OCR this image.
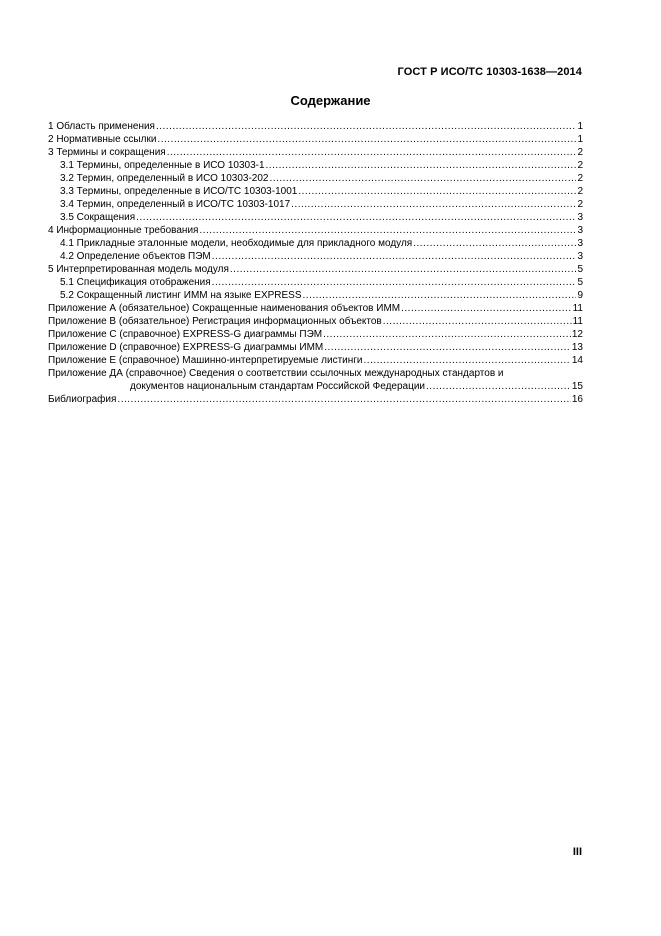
ГОСТ Р ИСО/ТС 10303-1638—2014
Содержание
1 Область применения .....	1
2 Нормативные ссылки .....	1
3 Термины и сокращения .....	2
3.1 Термины, определенные в ИСО 10303-1 .....	2
3.2 Термин, определенный в ИСО 10303-202 .....	2
3.3 Термины, определенные в ИСО/ТС 10303-1001 .....	2
3.4 Термин, определенный в ИСО/ТС 10303-1017 .....	2
3.5 Сокращения .....	3
4 Информационные требования .....	3
4.1 Прикладные эталонные модели, необходимые для прикладного модуля .....	3
4.2 Определение объектов ПЭМ .....	3
5 Интерпретированная модель модуля .....	5
5.1 Спецификация отображения .....	5
5.2 Сокращенный листинг ИММ на языке EXPRESS .....	9
Приложение А (обязательное) Сокращенные наименования объектов ИММ .....	11
Приложение В (обязательное) Регистрация информационных объектов .....	11
Приложение С (справочное) EXPRESS-G диаграммы ПЭМ .....	12
Приложение D (справочное) EXPRESS-G диаграммы ИММ .....	13
Приложение Е (справочное) Машинно-интерпретируемые листинги .....	14
Приложение ДА (справочное) Сведения о соответствии ссылочных международных стандартов и
документов национальным стандартам Российской Федерации .....	15
Библиография .....	16
III
